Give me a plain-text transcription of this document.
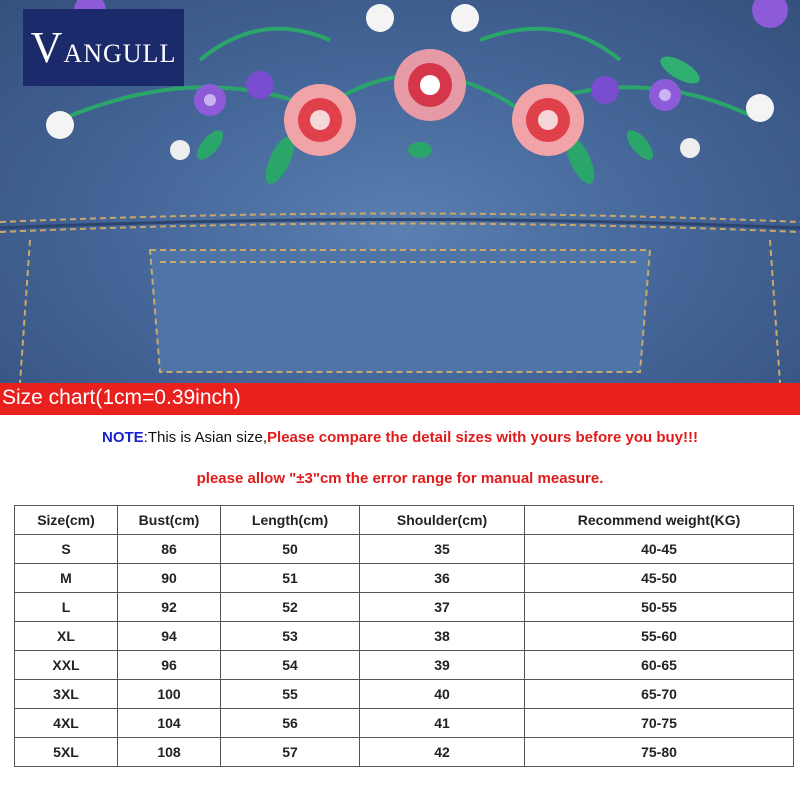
VANGULL
Size chart(1cm=0.39inch)
NOTE:This is Asian size,Please compare the detail sizes with yours before you buy!!!
please allow "±3"cm the error range for manual measure.
Size(cm)	Bust(cm)	Length(cm)	Shoulder(cm)	Recommend weight(KG)
S	86	50	35	40-45
M	90	51	36	45-50
L	92	52	37	50-55
XL	94	53	38	55-60
XXL	96	54	39	60-65
3XL	100	55	40	65-70
4XL	104	56	41	70-75
5XL	108	57	42	75-80
